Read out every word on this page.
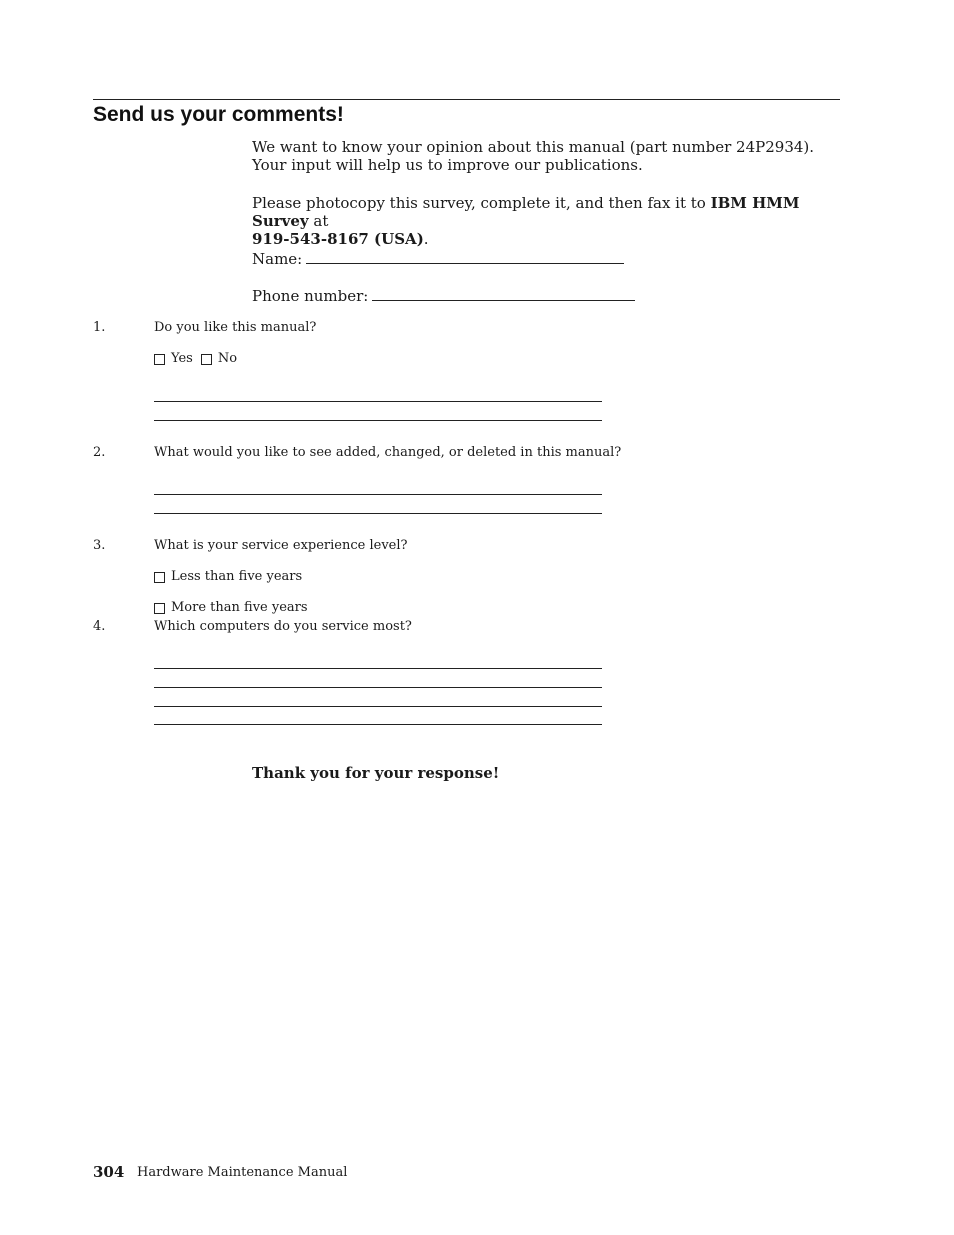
Send us your comments!
We want to know your opinion about this manual (part number 24P2934). Your input will help us to improve our publications.
Please photocopy this survey, complete it, and then fax it to IBM HMM Survey at
919-543-8167 (USA).
Name:
Phone number:
1.	Do you like this manual?
Yes No
2.	What would you like to see added, changed, or deleted in this manual?
3.	What is your service experience level?
Less than five years
More than five years
4.	Which computers do you service most?
Thank you for your response!
304 Hardware Maintenance Manual
